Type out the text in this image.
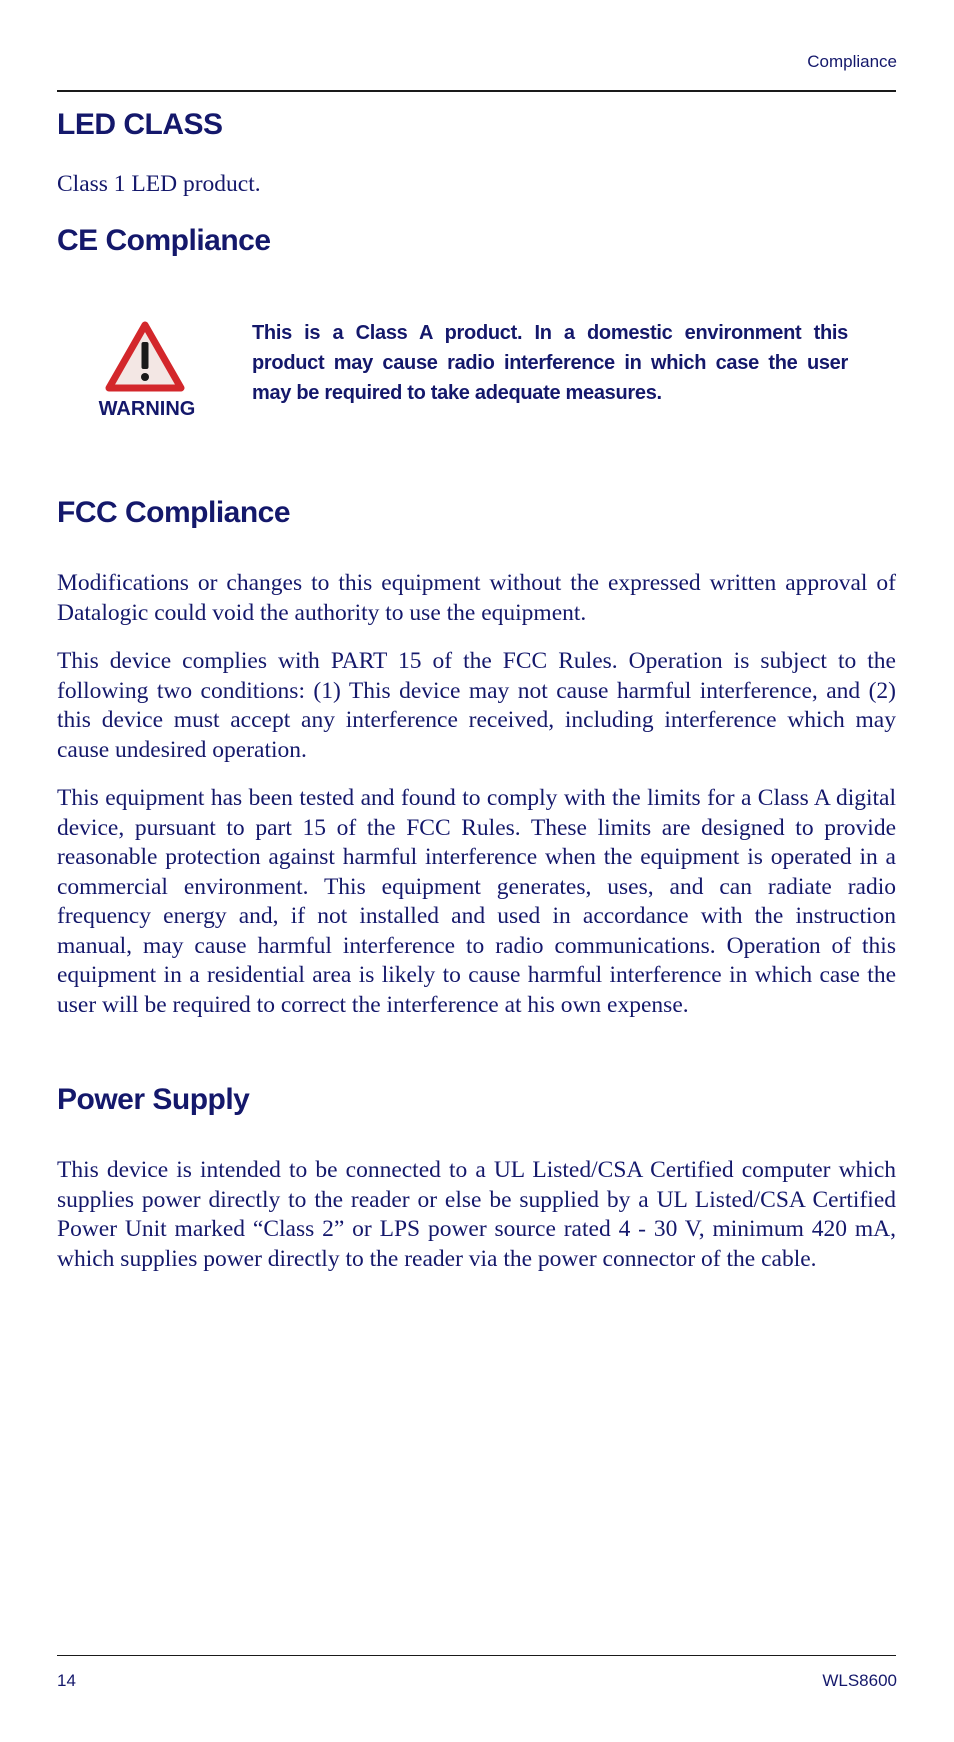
Compliance
LED CLASS

Class 1 LED product.

CE Compliance
WARNING

This is a Class A product. In a domestic environment this product may cause radio interference in which case the user may be required to take adequate measures.

FCC Compliance

Modifications or changes to this equipment without the expressed written approval of Datalogic could void the authority to use the equipment.

This device complies with PART 15 of the FCC Rules. Operation is subject to the following two conditions: (1) This device may not cause harmful interference, and (2) this device must accept any interference received, including interference which may cause undesired operation.

This equipment has been tested and found to comply with the limits for a Class A digital device, pursuant to part 15 of the FCC Rules. These limits are designed to provide reasonable protection against harmful interference when the equipment is operated in a commercial environment. This equipment generates, uses, and can radiate radio frequency energy and, if not installed and used in accordance with the instruction manual, may cause harmful interference to radio communications. Operation of this equipment in a residential area is likely to cause harmful interference in which case the user will be required to correct the interference at his own expense.

Power Supply

This device is intended to be connected to a UL Listed/CSA Certified computer which supplies power directly to the reader or else be supplied by a UL Listed/CSA Certified Power Unit marked “Class 2” or LPS power source rated 4 - 30 V, minimum 420 mA, which supplies power directly to the reader via the power connector of the cable.

14	WLS8600
